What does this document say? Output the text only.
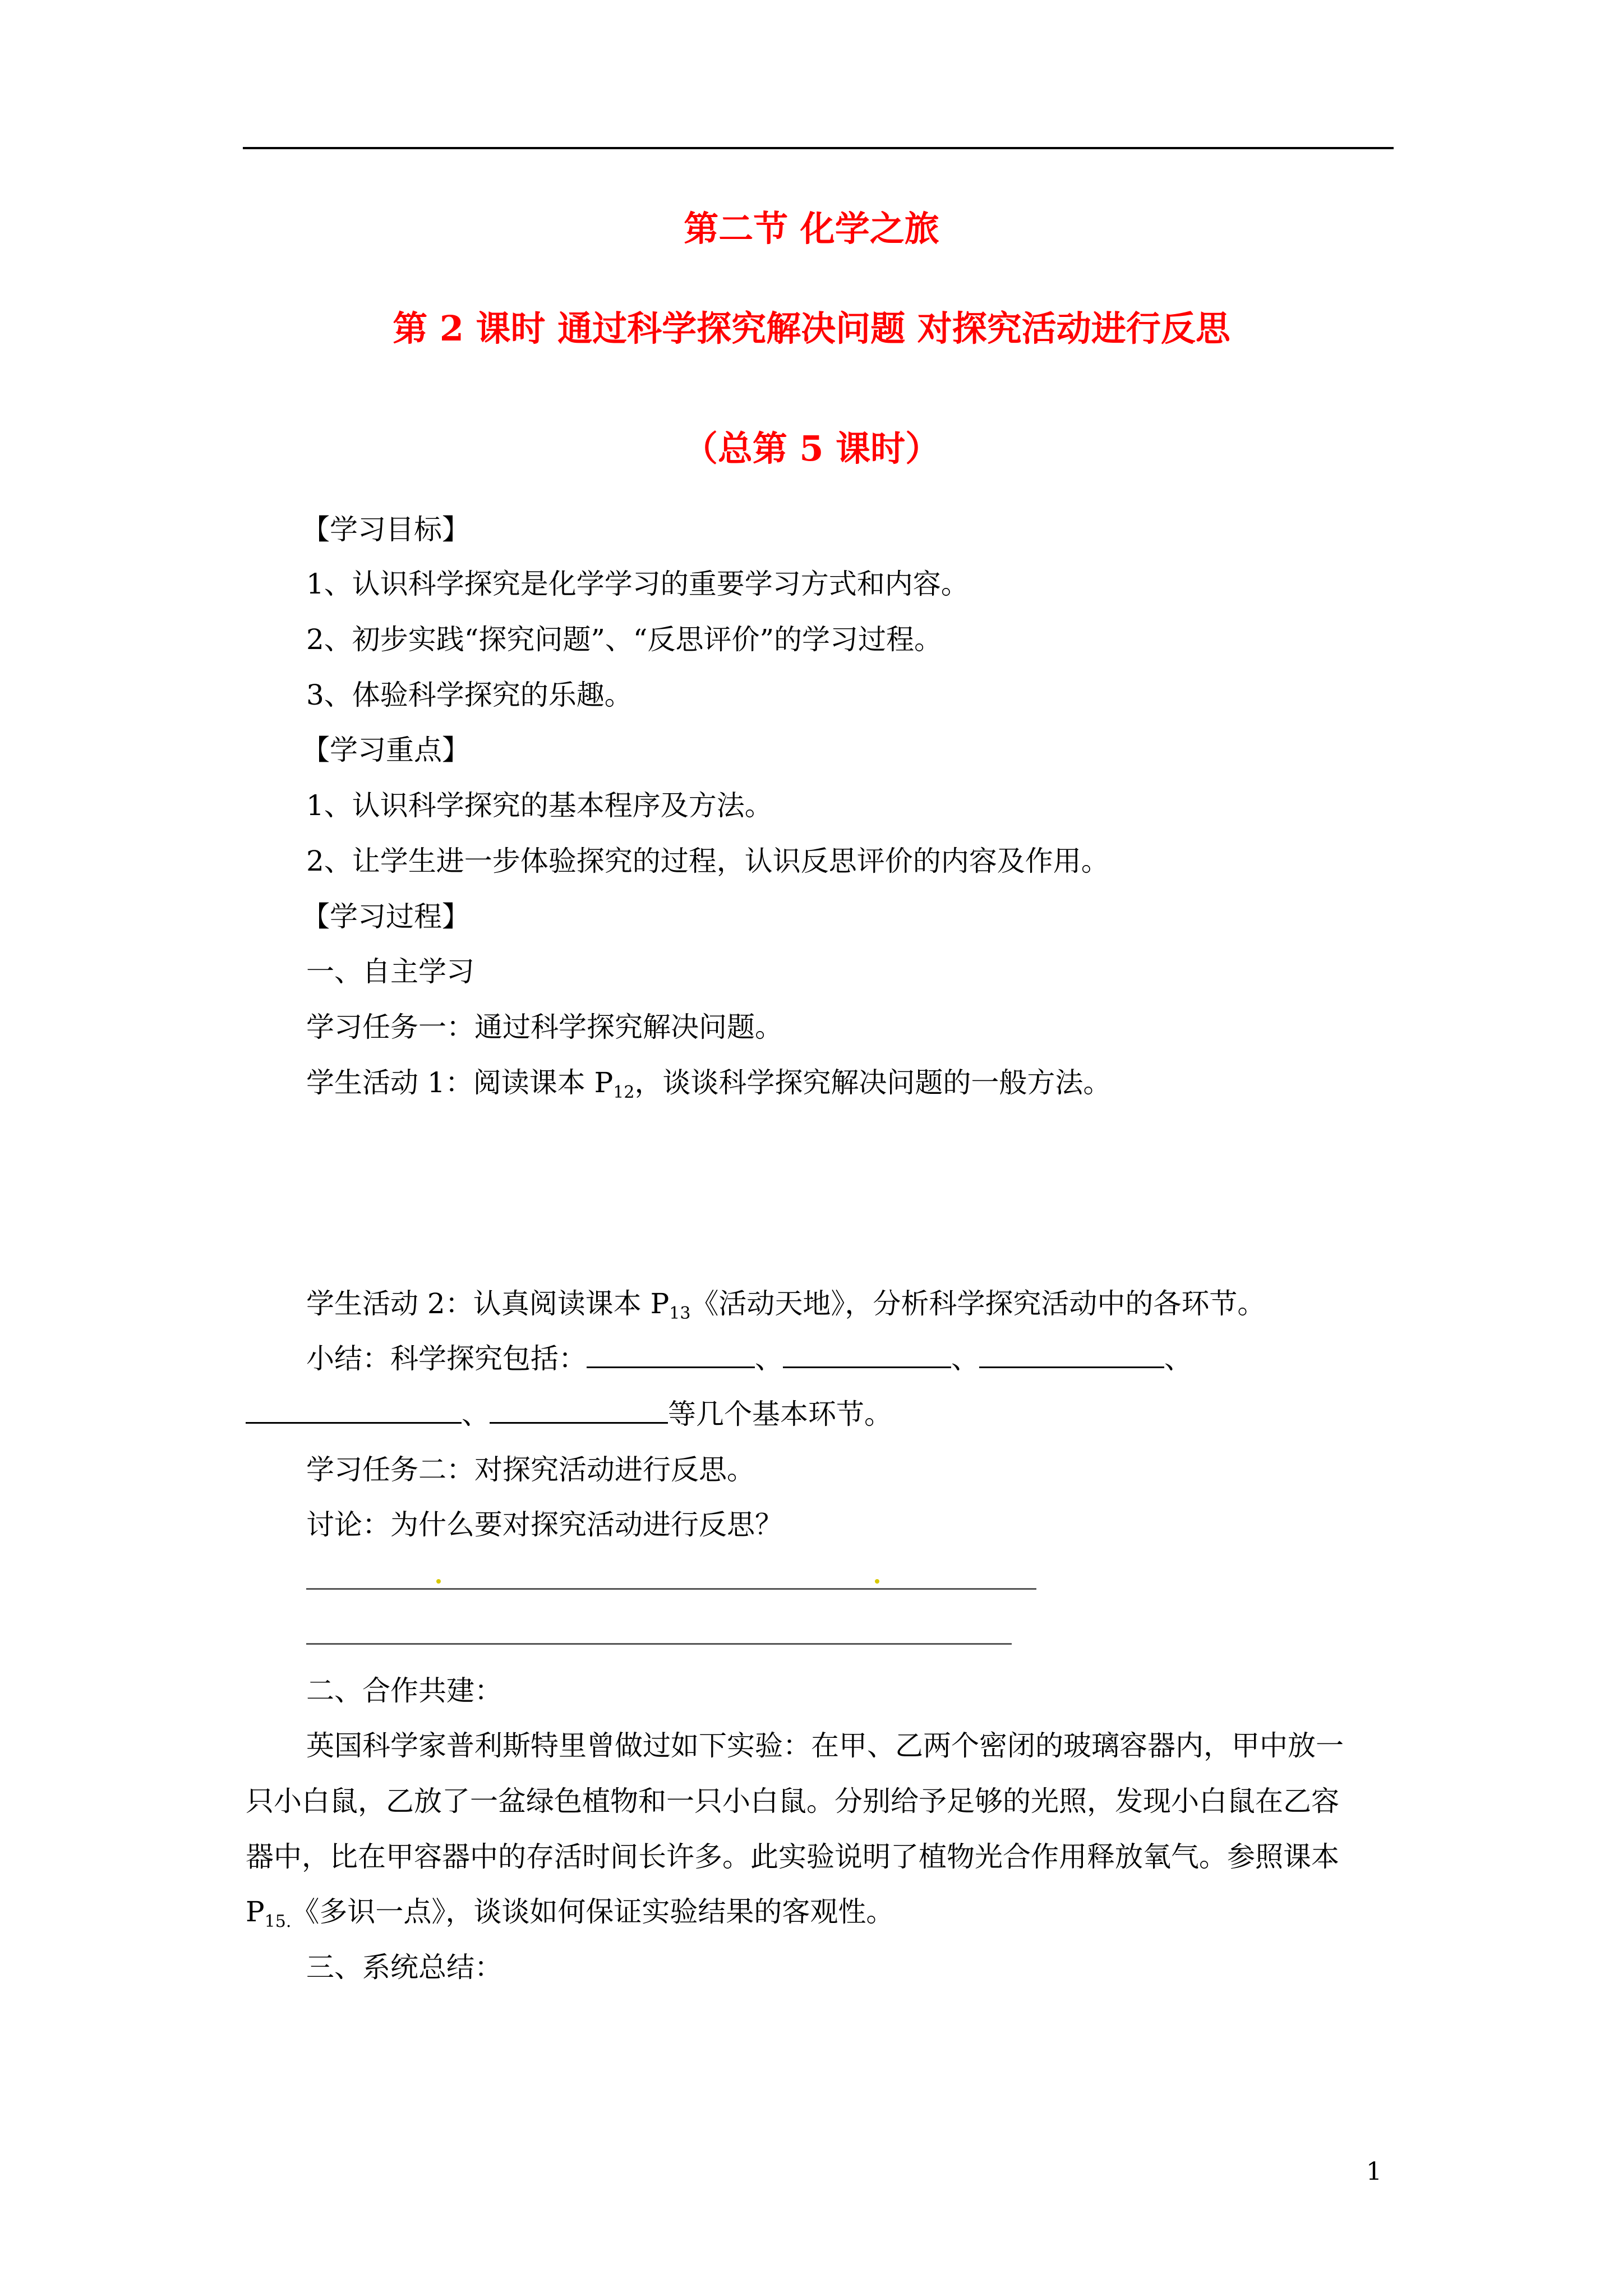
第二节 化学之旅
第 2 课时 通过科学探究解决问题 对探究活动进行反思
（总第 5 课时）
【学习目标】
1、认识科学探究是化学学习的重要学习方式和内容。
2、初步实践“探究问题”、“反思评价”的学习过程。
3、体验科学探究的乐趣。
【学习重点】
1、认识科学探究的基本程序及方法。
2、让学生进一步体验探究的过程，认识反思评价的内容及作用。
【学习过程】
一、自主学习
学习任务一：通过科学探究解决问题。
学生活动 1：阅读课本 $P_{12}$，谈谈科学探究解决问题的一般方法。
学生活动 2：认真阅读课本 $P_{13}$《活动天地》，分析科学探究活动中的各环节。
小结：科学探究包括：	、	、	、
、	等几个基本环节。
学习任务二：对探究活动进行反思。
讨论：为什么要对探究活动进行反思？
二、合作共建：
英国科学家普利斯特里曾做过如下实验：在甲、乙两个密闭的玻璃容器内，甲中放一
只小白鼠，乙放了一盆绿色植物和一只小白鼠。分别给予足够的光照，发现小白鼠在乙容
器中，比在甲容器中的存活时间长许多。此实验说明了植物光合作用释放氧气。参照课本
$P_{15.}$《多识一点》，谈谈如何保证实验结果的客观性。
三、系统总结：
1
